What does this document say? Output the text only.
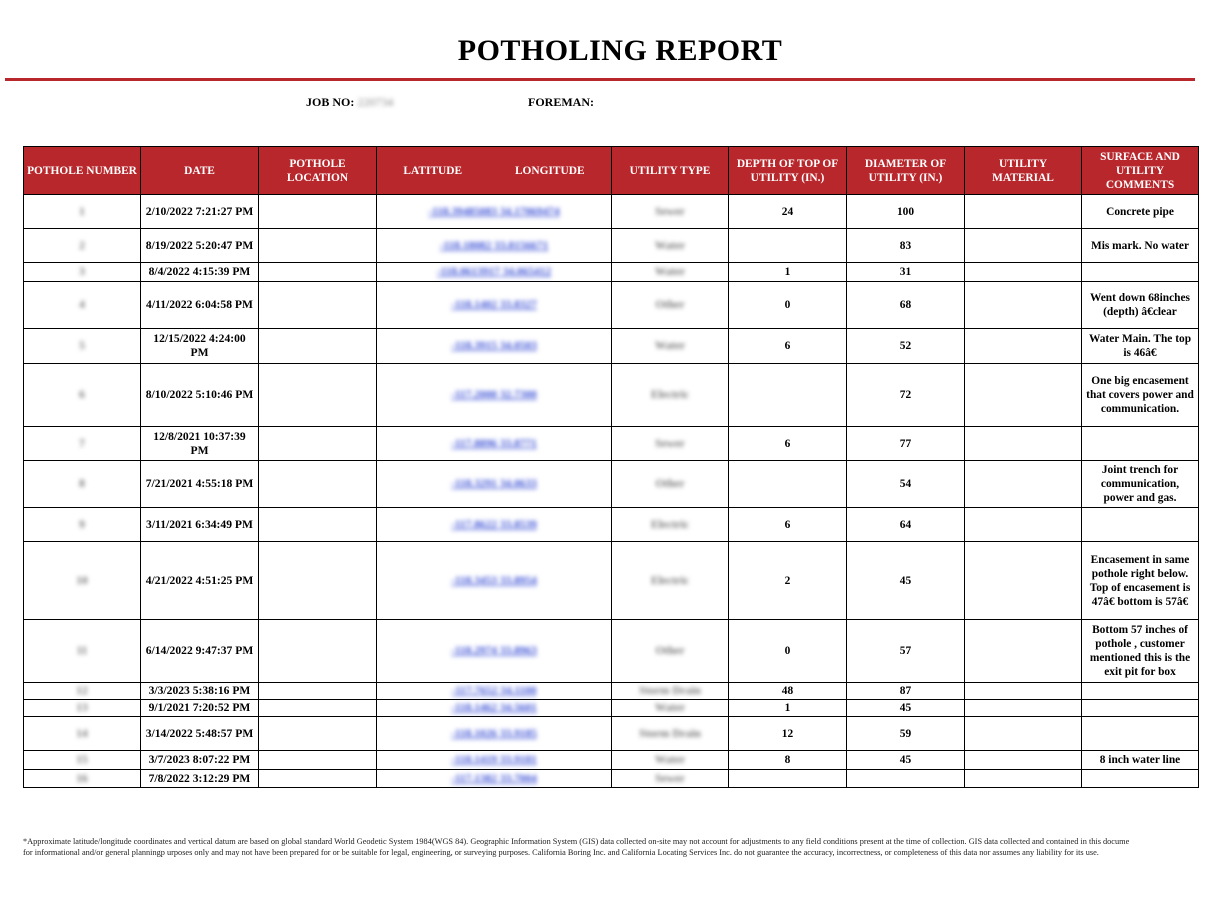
POTHOLING REPORT
JOB NO: 220734	FOREMAN:
POTHOLE NUMBER	DATE	POTHOLE LOCATION	LATITUDE LONGITUDE	UTILITY TYPE	DEPTH OF TOP OF UTILITY (IN.)	DIAMETER OF UTILITY (IN.)	UTILITY MATERIAL	SURFACE AND UTILITY COMMENTS
1	2/10/2022 7:21:27 PM		-118.39485083 34.17069474	Sewer	24	100		Concrete pipe
2	8/19/2022 5:20:47 PM		-118.18082 33.8156671	Water		83		Mis mark. No water
3	8/4/2022 4:15:39 PM		-118.0613917 34.065412	Water	1	31		
4	4/11/2022 6:04:58 PM		-118.1402 33.8327	Other	0	68		Went down 68inches (depth) â€clear
5	12/15/2022 4:24:00 PM		-118.3915 34.0503	Water	6	52		Water Main. The top is 46â€
6	8/10/2022 5:10:46 PM		-117.2000 32.7300	Electric		72		One big encasement that covers power and communication.
7	12/8/2021 10:37:39 PM		-117.8896 33.8771	Sewer	6	77		
8	7/21/2021 4:55:18 PM		-118.3291 34.0633	Other		54		Joint trench for communication, power and gas.
9	3/11/2021 6:34:49 PM		-117.8622 33.8539	Electric	6	64		
10	4/21/2022 4:51:25 PM		-118.3453 33.8954	Electric	2	45		Encasement in same pothole right below. Top of encasement is 47â€ bottom is 57â€
11	6/14/2022 9:47:37 PM		-118.2974 33.8963	Other	0	57		Bottom 57 inches of pothole , customer mentioned this is the exit pit for box
12	3/3/2023 5:38:16 PM		-117.7652 34.1100	Storm Drain	48	87		
13	9/1/2021 7:20:52 PM		-118.1462 34.5601	Water	1	45		
14	3/14/2022 5:48:57 PM		-118.1026 33.9185	Storm Drain	12	59		
15	3/7/2023 8:07:22 PM		-118.1419 33.9181	Water	8	45		8 inch water line
16	7/8/2022 3:12:29 PM		-117.1382 33.7004	Sewer				
*Approximate latitude/longitude coordinates and vertical datum are based on global standard World Geodetic System 1984(WGS 84). Geographic Information System (GIS) data collected on-site may not account for adjustments to any field conditions present at the time of collection. GIS data collected and contained in this docume
for informational and/or general planningp urposes only and may not have been prepared for or be suitable for legal, engineering, or surveying purposes. California Boring Inc. and California Locating Services Inc. do not guarantee the accuracy, incorrectness, or completeness of this data nor assumes any liability for its use.
